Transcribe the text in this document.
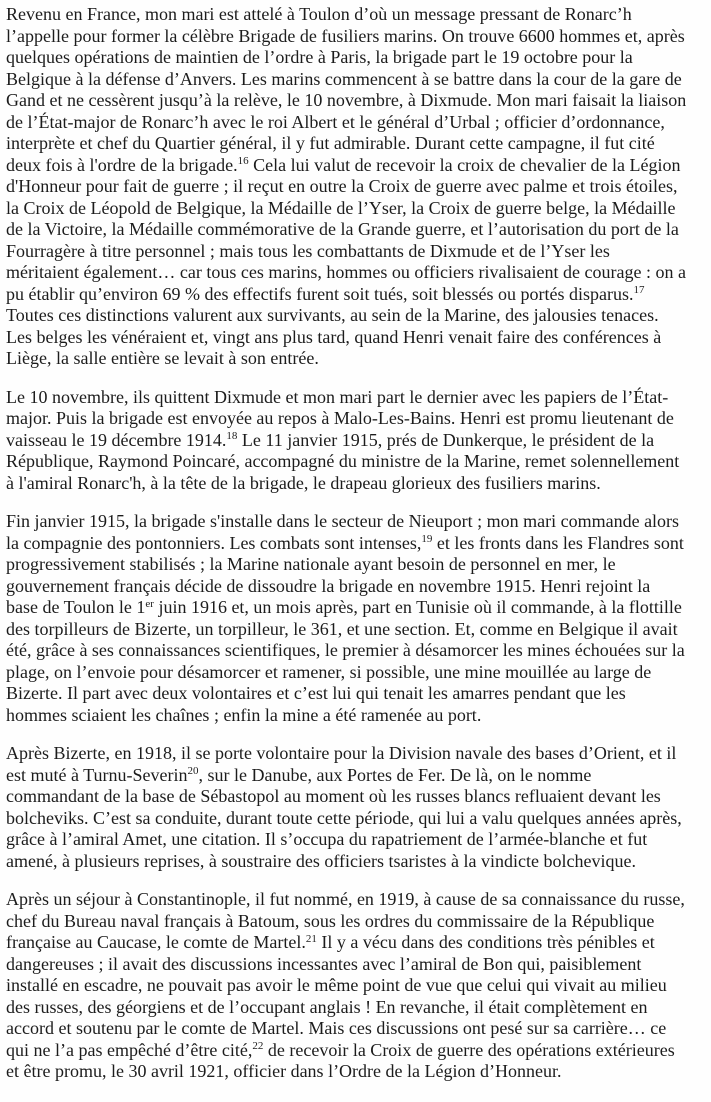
Revenu en France, mon mari est attelé à Toulon d’où un message pressant de Ronarc’h
l’appelle pour former la célèbre Brigade de fusiliers marins. On trouve 6600 hommes et, après
quelques opérations de maintien de l’ordre à Paris, la brigade part le 19 octobre pour la
Belgique à la défense d’Anvers. Les marins commencent à se battre dans la cour de la gare de
Gand et ne cessèrent jusqu’à la relève, le 10 novembre, à Dixmude. Mon mari faisait la liaison
de l’État-major de Ronarc’h avec le roi Albert et le général d’Urbal ; officier d’ordonnance,
interprète et chef du Quartier général, il y fut admirable. Durant cette campagne, il fut cité
deux fois à l'ordre de la brigade.$^{16}$ Cela lui valut de recevoir la croix de chevalier de la Légion
d'Honneur pour fait de guerre ; il reçut en outre la Croix de guerre avec palme et trois étoiles,
la Croix de Léopold de Belgique, la Médaille de l’Yser, la Croix de guerre belge, la Médaille
de la Victoire, la Médaille commémorative de la Grande guerre, et l’autorisation du port de la
Fourragère à titre personnel ; mais tous les combattants de Dixmude et de l’Yser les
méritaient également… car tous ces marins, hommes ou officiers rivalisaient de courage : on a
pu établir qu’environ 69 % des effectifs furent soit tués, soit blessés ou portés disparus.$^{17}$
Toutes ces distinctions valurent aux survivants, au sein de la Marine, des jalousies tenaces.
Les belges les vénéraient et, vingt ans plus tard, quand Henri venait faire des conférences à
Liège, la salle entière se levait à son entrée.

Le 10 novembre, ils quittent Dixmude et mon mari part le dernier avec les papiers de l’État-
major. Puis la brigade est envoyée au repos à Malo-Les-Bains. Henri est promu lieutenant de
vaisseau le 19 décembre 1914.18 Le 11 janvier 1915, prés de Dunkerque, le président de la
République, Raymond Poincaré, accompagné du ministre de la Marine, remet solennellement
à l'amiral Ronarc'h, à la tête de la brigade, le drapeau glorieux des fusiliers marins.

Fin janvier 1915, la brigade s'installe dans le secteur de Nieuport ; mon mari commande alors
la compagnie des pontonniers. Les combats sont intenses,$^{19}$ et les fronts dans les Flandres sont
progressivement stabilisés ; la Marine nationale ayant besoin de personnel en mer, le
gouvernement français décide de dissoudre la brigade en novembre 1915. Henri rejoint la
base de Toulon le 1er juin 1916 et, un mois après, part en Tunisie où il commande, à la flottille
des torpilleurs de Bizerte, un torpilleur, le 361, et une section. Et, comme en Belgique il avait
été, grâce à ses connaissances scientifiques, le premier à désamorcer les mines échouées sur la
plage, on l’envoie pour désamorcer et ramener, si possible, une mine mouillée au large de
Bizerte. Il part avec deux volontaires et c’est lui qui tenait les amarres pendant que les
hommes sciaient les chaînes ; enfin la mine a été ramenée au port.

Après Bizerte, en 1918, il se porte volontaire pour la Division navale des bases d’Orient, et il
est muté à Turnu-Severin$^{20}$, sur le Danube, aux Portes de Fer. De là, on le nomme
commandant de la base de Sébastopol au moment où les russes blancs refluaient devant les
bolcheviks. C’est sa conduite, durant toute cette période, qui lui a valu quelques années après,
grâce à l’amiral Amet, une citation. Il s’occupa du rapatriement de l’armée-blanche et fut
amené, à plusieurs reprises, à soustraire des officiers tsaristes à la vindicte bolchevique.

Après un séjour à Constantinople, il fut nommé, en 1919, à cause de sa connaissance du russe,
chef du Bureau naval français à Batoum, sous les ordres du commissaire de la République
française au Caucase, le comte de Martel.$^{21}$ Il y a vécu dans des conditions très pénibles et
dangereuses ; il avait des discussions incessantes avec l’amiral de Bon qui, paisiblement
installé en escadre, ne pouvait pas avoir le même point de vue que celui qui vivait au milieu
des russes, des géorgiens et de l’occupant anglais ! En revanche, il était complètement en
accord et soutenu par le comte de Martel. Mais ces discussions ont pesé sur sa carrière… ce
qui ne l’a pas empêché d’être cité,$^{22}$ de recevoir la Croix de guerre des opérations extérieures
et être promu, le 30 avril 1921, officier dans l’Ordre de la Légion d’Honneur.
